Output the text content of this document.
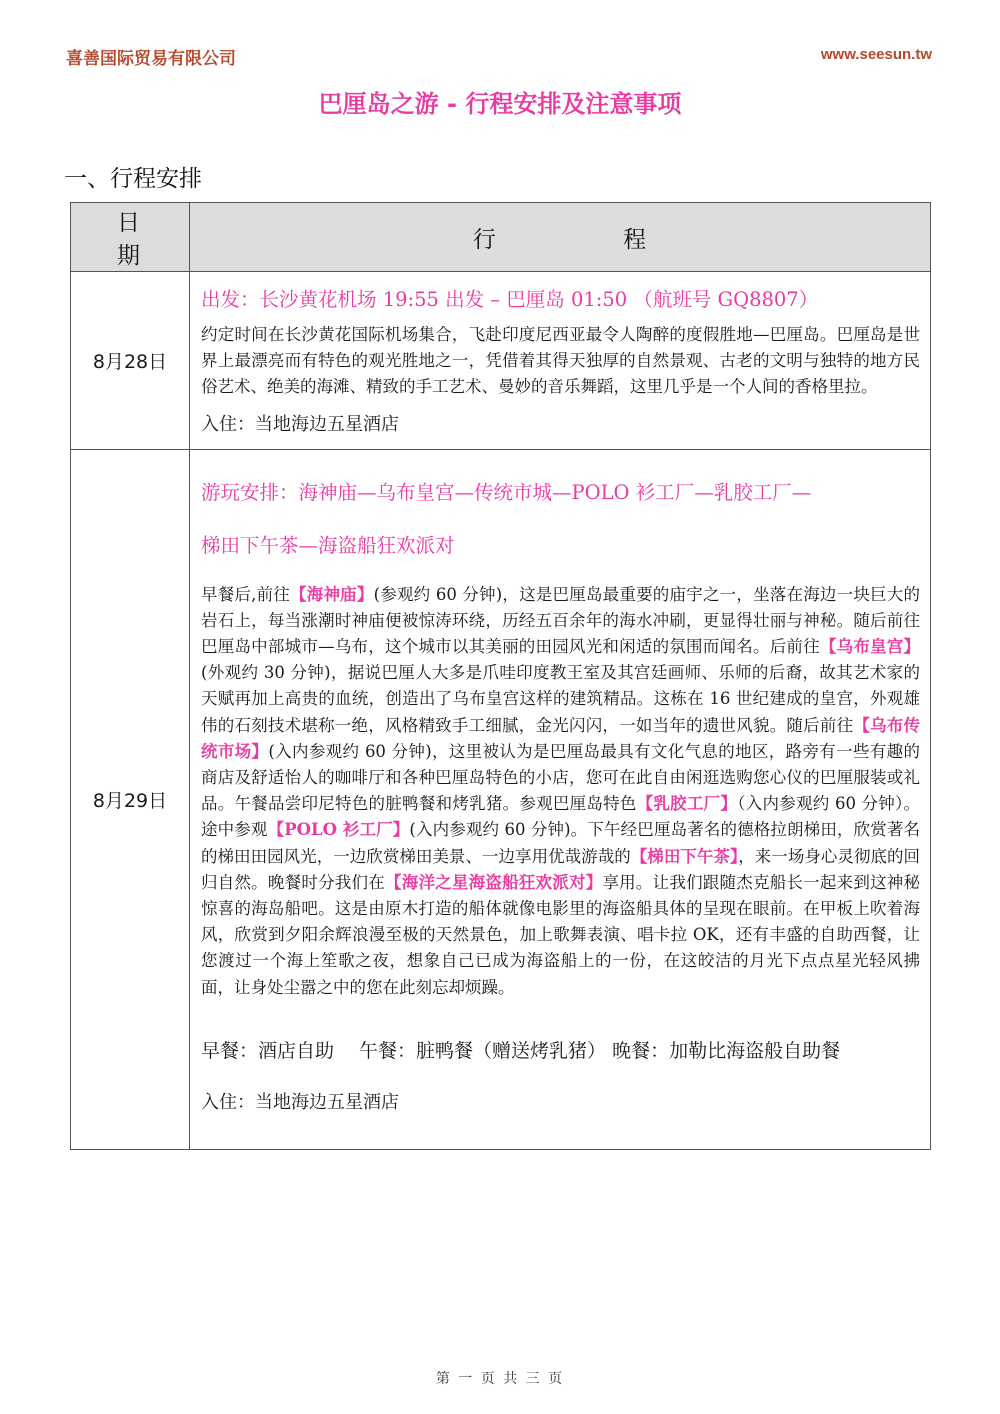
喜善国际贸易有限公司	www.seesun.tw
巴厘岛之游 - 行程安排及注意事项
一、行程安排
日 期	行 程
8月28日	出发：长沙黄花机场 19:55 出发 – 巴厘岛 01:50 （航班号 GQ8807）
约定时间在长沙黄花国际机场集合，飞赴印度尼西亚最令人陶醉的度假胜地—巴厘岛。巴厘岛是世界上最漂亮而有特色的观光胜地之一，凭借着其得天独厚的自然景观、古老的文明与独特的地方民俗艺术、绝美的海滩、精致的手工艺术、曼妙的音乐舞蹈，这里几乎是一个人间的香格里拉。
入住：当地海边五星酒店

8月29日	游玩安排：海神庙—乌布皇宫—传统市城—POLO 衫工厂—乳胶工厂—
梯田下午茶—海盗船狂欢派对
早餐后,前往【海神庙】(参观约 60 分钟)，这是巴厘岛最重要的庙宇之一，坐落在海边一块巨大的岩石上，每当涨潮时神庙便被惊涛环绕，历经五百余年的海水冲刷，更显得壮丽与神秘。随后前往巴厘岛中部城市—乌布，这个城市以其美丽的田园风光和闲适的氛围而闻名。后前往【乌布皇宫】(外观约 30 分钟)，据说巴厘人大多是爪哇印度教王室及其宫廷画师、乐师的后裔，故其艺术家的天赋再加上高贵的血统，创造出了乌布皇宫这样的建筑精品。这栋在 16 世纪建成的皇宫，外观雄伟的石刻技术堪称一绝，风格精致手工细腻，金光闪闪，一如当年的遗世风貌。随后前往【乌布传统市场】(入内参观约 60 分钟)，这里被认为是巴厘岛最具有文化气息的地区，路旁有一些有趣的商店及舒适怡人的咖啡厅和各种巴厘岛特色的小店，您可在此自由闲逛选购您心仪的巴厘服装或礼品。午餐品尝印尼特色的脏鸭餐和烤乳猪。参观巴厘岛特色【乳胶工厂】（入内参观约 60 分钟）。途中参观【POLO 衫工厂】(入内参观约 60 分钟)。下午经巴厘岛著名的德格拉朗梯田，欣赏著名的梯田田园风光，一边欣赏梯田美景、一边享用优哉游哉的【梯田下午茶】，来一场身心灵彻底的回归自然。晚餐时分我们在【海洋之星海盗船狂欢派对】享用。让我们跟随杰克船长一起来到这神秘惊喜的海岛船吧。这是由原木打造的船体就像电影里的海盗船具体的呈现在眼前。在甲板上吹着海风，欣赏到夕阳余辉浪漫至极的天然景色，加上歌舞表演、唱卡拉 OK，还有丰盛的自助西餐，让您渡过一个海上笙歌之夜，想象自己已成为海盗船上的一份，在这皎洁的月光下点点星光轻风拂面，让身处尘嚣之中的您在此刻忘却烦躁。
早餐：酒店自助　 午餐：脏鸭餐（赠送烤乳猪） 晚餐：加勒比海盗般自助餐
入住：当地海边五星酒店
第 一 页 共 三 页
